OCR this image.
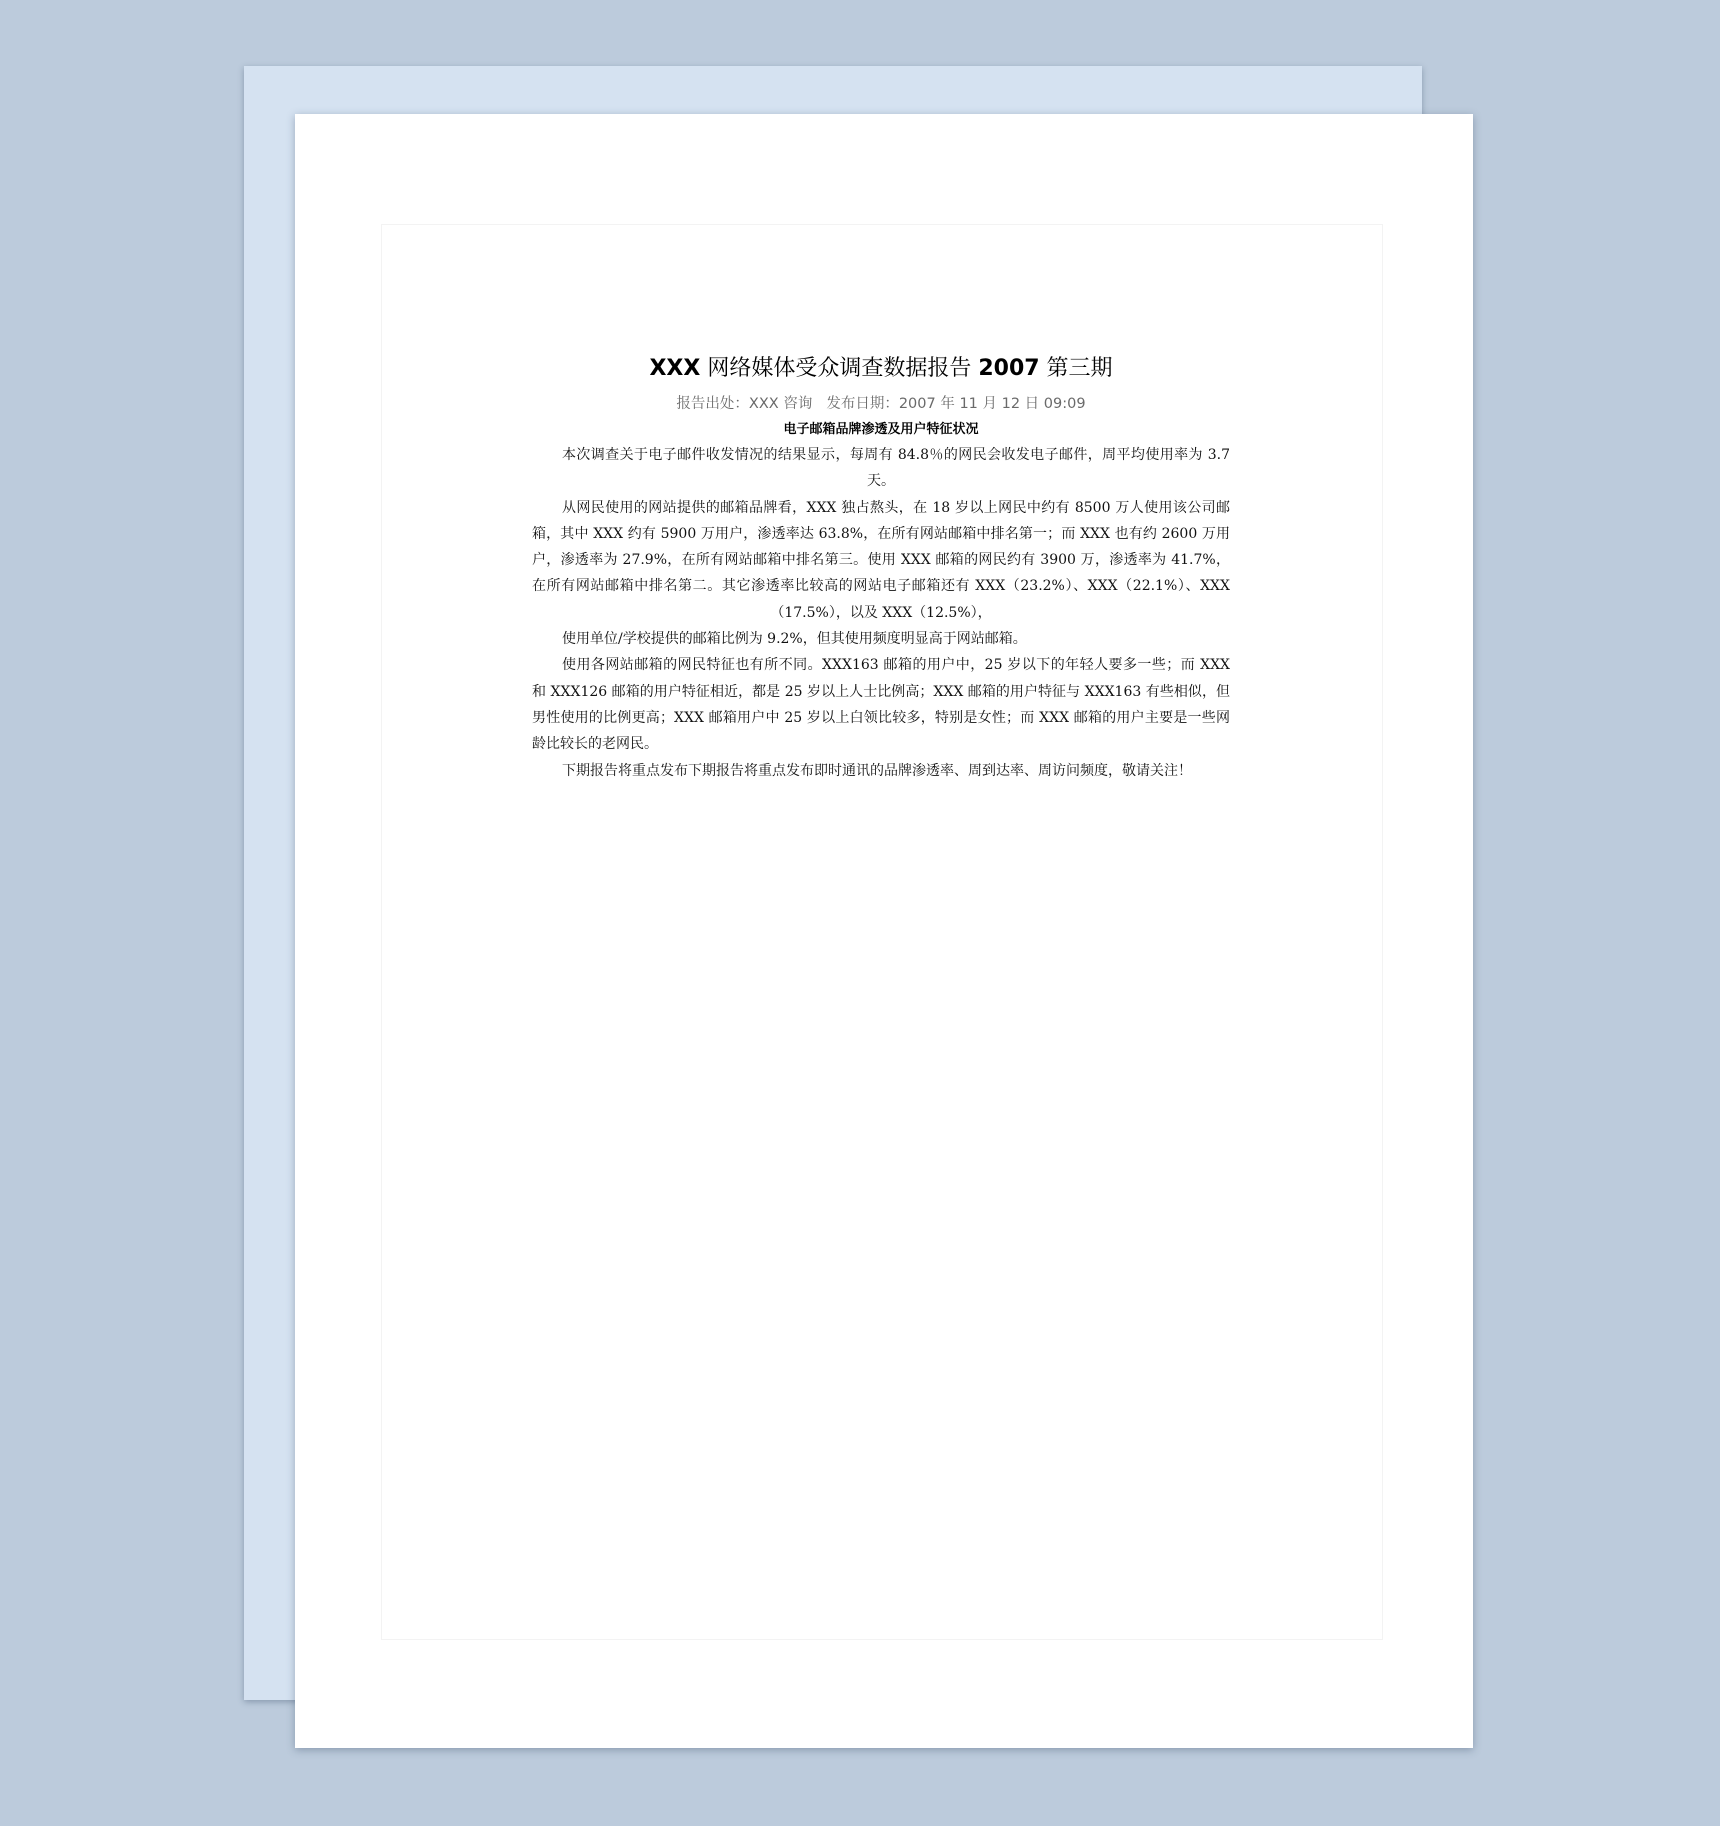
XXX 网络媒体受众调查数据报告 2007 第三期
报告出处：XXX 咨询 发布日期：2007 年 11 月 12 日 09:09
电子邮箱品牌渗透及用户特征状况

本次调查关于电子邮件收发情况的结果显示，每周有 84.8％的网民会收发电子邮件，周平均使用率为 3.7 天。

从网民使用的网站提供的邮箱品牌看，XXX 独占熬头，在 18 岁以上网民中约有 8500 万人使用该公司邮箱，其中 XXX 约有 5900 万用户，渗透率达 63.8%，在所有网站邮箱中排名第一；而 XXX 也有约 2600 万用户，渗透率为 27.9%，在所有网站邮箱中排名第三。使用 XXX 邮箱的网民约有 3900 万，渗透率为 41.7%，在所有网站邮箱中排名第二。其它渗透率比较高的网站电子邮箱还有 XXX（23.2%）、XXX（22.1%）、XXX（17.5%），以及 XXX（12.5%），

使用单位/学校提供的邮箱比例为 9.2%，但其使用频度明显高于网站邮箱。

使用各网站邮箱的网民特征也有所不同。XXX163 邮箱的用户中，25 岁以下的年轻人要多一些；而 XXX 和 XXX126 邮箱的用户特征相近，都是 25 岁以上人士比例高；XXX 邮箱的用户特征与 XXX163 有些相似，但男性使用的比例更高；XXX 邮箱用户中 25 岁以上白领比较多，特别是女性；而 XXX 邮箱的用户主要是一些网龄比较长的老网民。

下期报告将重点发布下期报告将重点发布即时通讯的品牌渗透率、周到达率、周访问频度，敬请关注！
